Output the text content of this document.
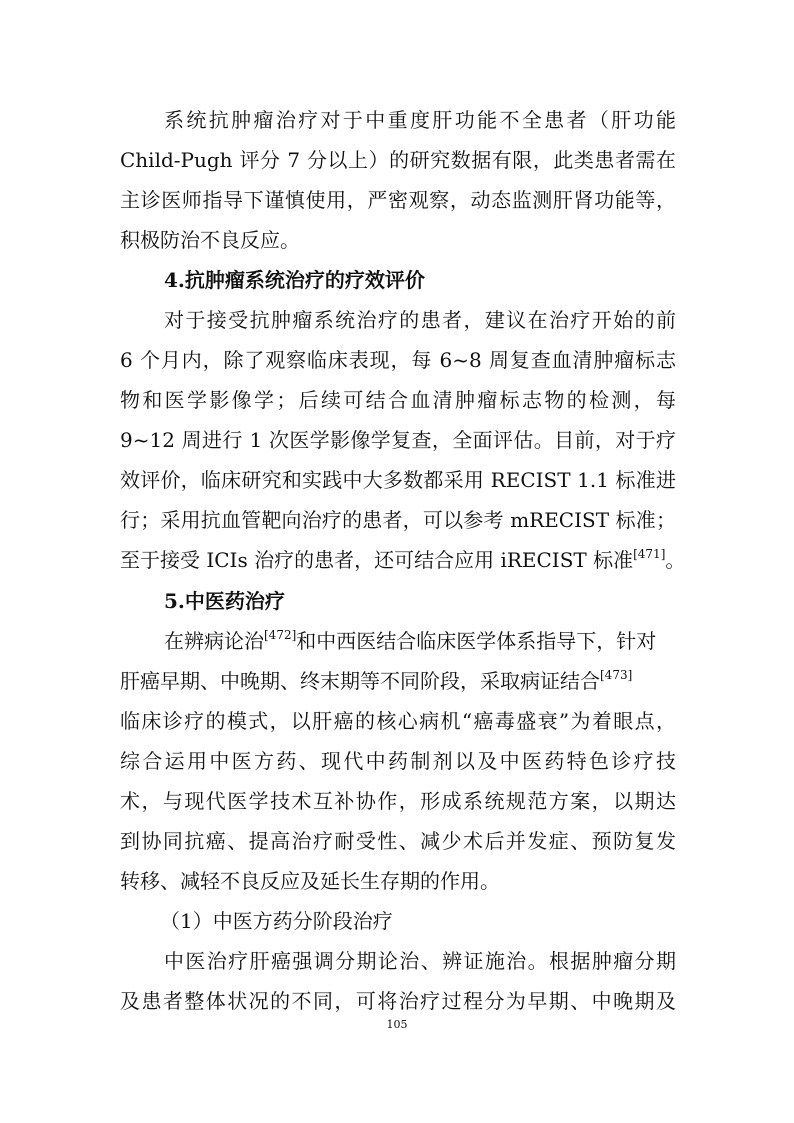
系统抗肿瘤治疗对于中重度肝功能不全患者（肝功能
Child-Pugh 评分 7 分以上）的研究数据有限，此类患者需在
主诊医师指导下谨慎使用，严密观察，动态监测肝肾功能等，
积极防治不良反应。
4.抗肿瘤系统治疗的疗效评价
对于接受抗肿瘤系统治疗的患者，建议在治疗开始的前
6 个月内，除了观察临床表现，每 6~8 周复查血清肿瘤标志
物和医学影像学；后续可结合血清肿瘤标志物的检测，每
9~12 周进行 1 次医学影像学复查，全面评估。目前，对于疗
效评价，临床研究和实践中大多数都采用 RECIST 1.1 标准进
行；采用抗血管靶向治疗的患者，可以参考 mRECIST 标准；
至于接受 ICIs 治疗的患者，还可结合应用 iRECIST 标准[471]。
5.中医药治疗
在辨病论治[472]和中西医结合临床医学体系指导下，针对
肝癌早期、中晚期、终末期等不同阶段，采取病证结合[473]
临床诊疗的模式，以肝癌的核心病机“癌毒盛衰”为着眼点，
综合运用中医方药、现代中药制剂以及中医药特色诊疗技
术，与现代医学技术互补协作，形成系统规范方案，以期达
到协同抗癌、提高治疗耐受性、减少术后并发症、预防复发
转移、减轻不良反应及延长生存期的作用。
（1）中医方药分阶段治疗
中医治疗肝癌强调分期论治、辨证施治。根据肿瘤分期
及患者整体状况的不同，可将治疗过程分为早期、中晚期及
105
